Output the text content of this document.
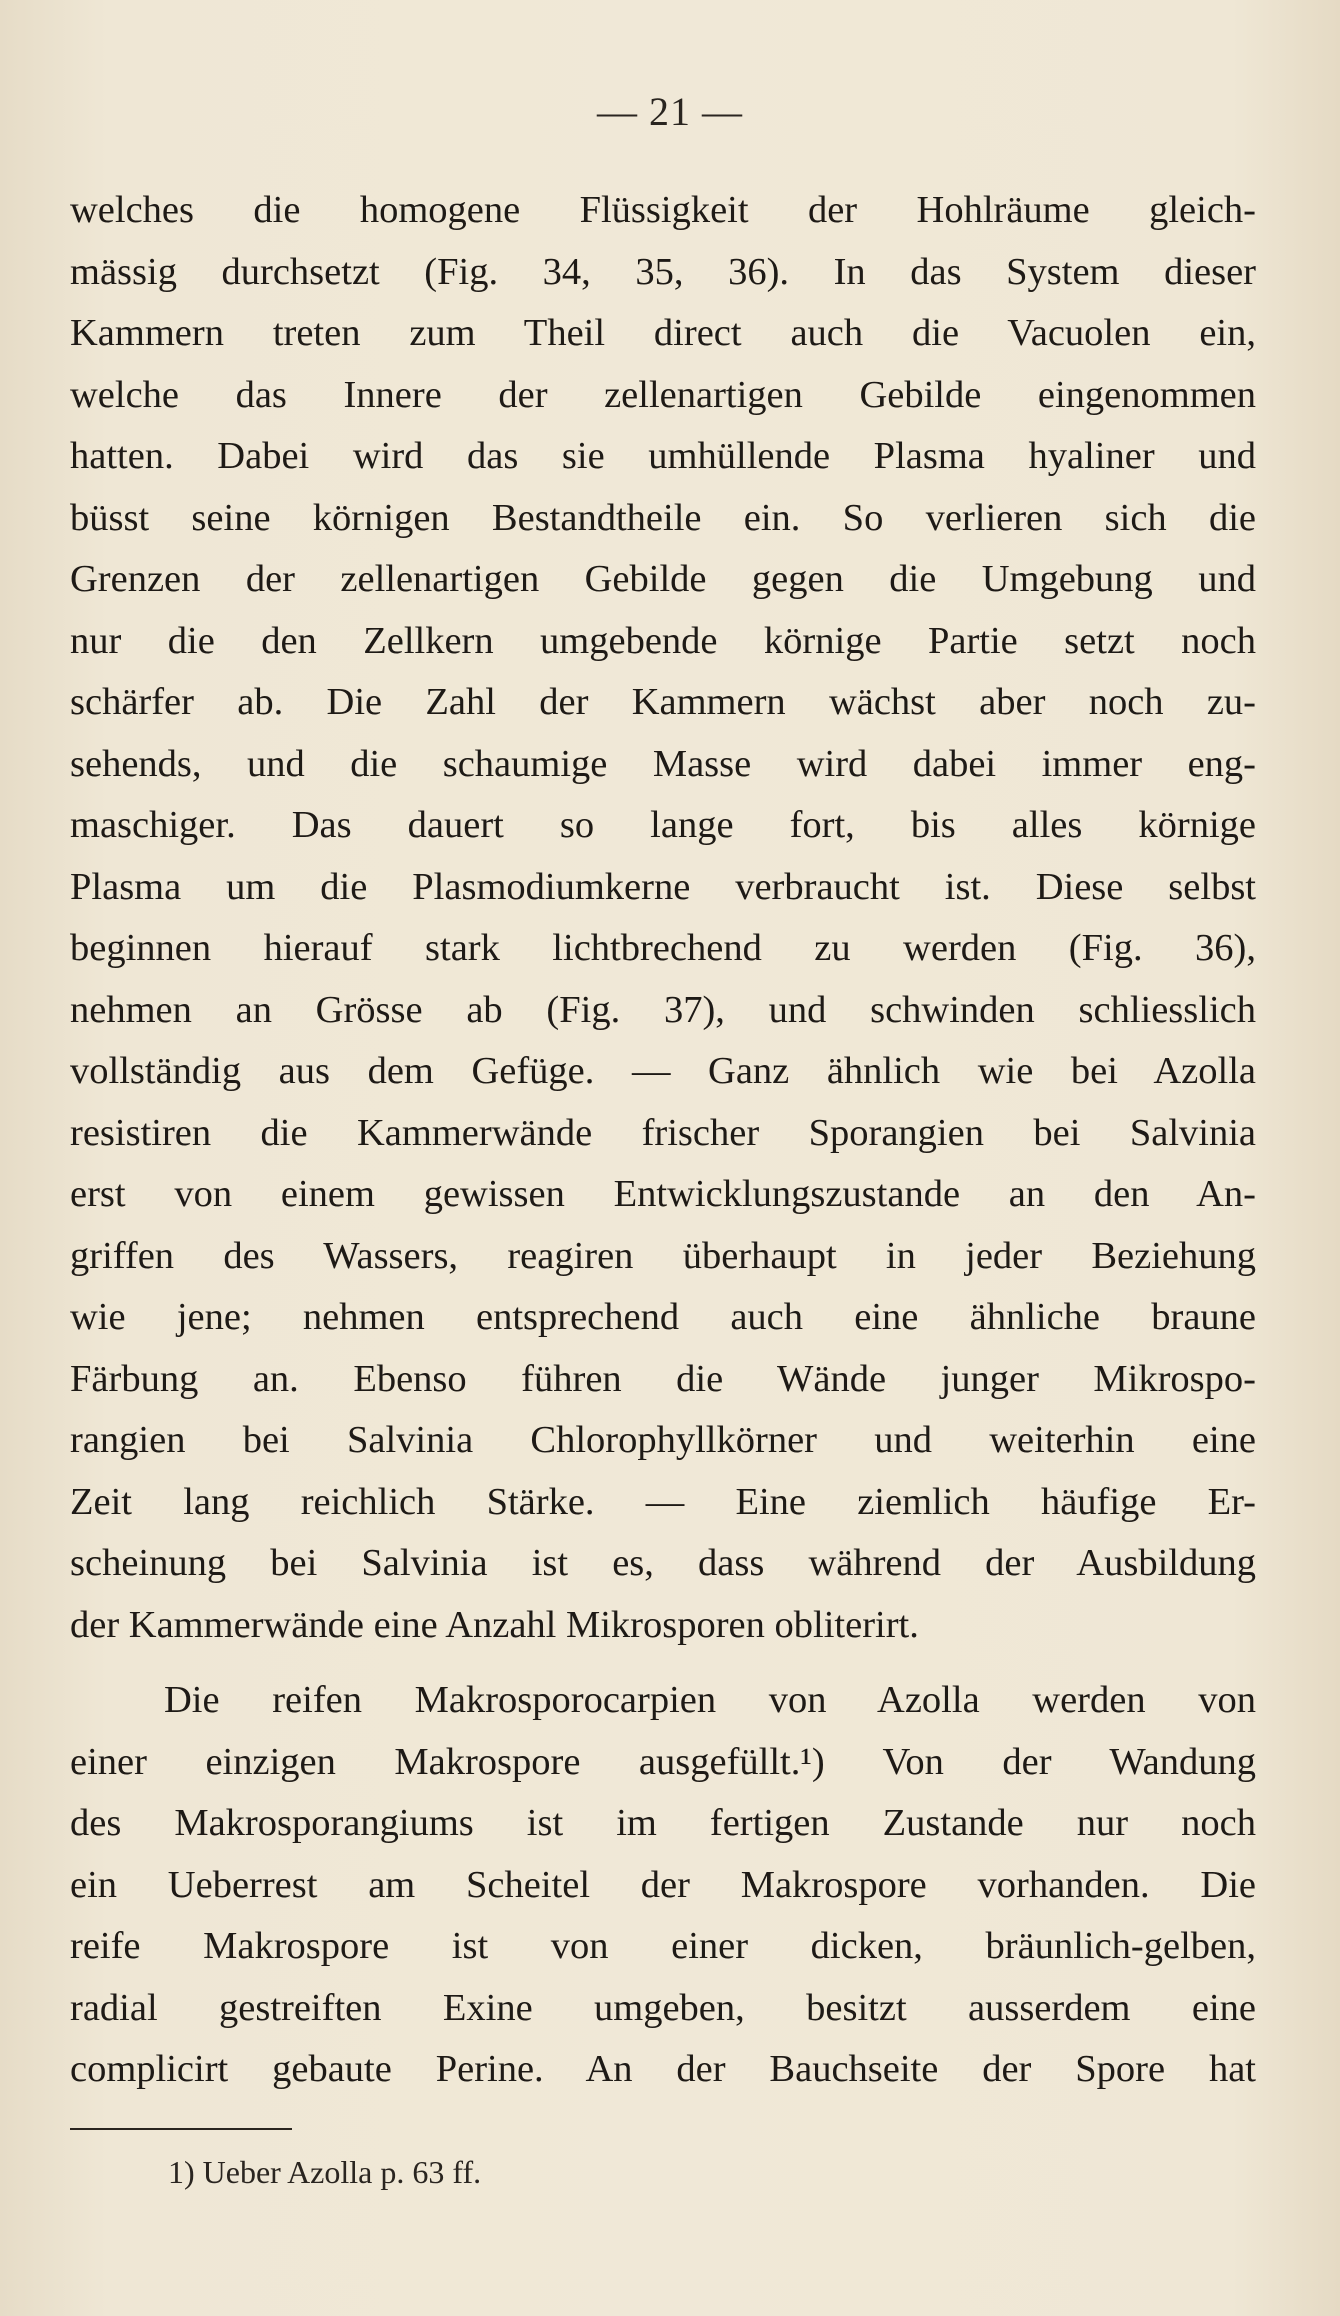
— 21 —
welches die homogene Flüssigkeit der Hohlräume gleich-
mässig durchsetzt (Fig. 34, 35, 36). In das System dieser
Kammern treten zum Theil direct auch die Vacuolen ein,
welche das Innere der zellenartigen Gebilde eingenommen
hatten. Dabei wird das sie umhüllende Plasma hyaliner und
büsst seine körnigen Bestandtheile ein. So verlieren sich die
Grenzen der zellenartigen Gebilde gegen die Umgebung und
nur die den Zellkern umgebende körnige Partie setzt noch
schärfer ab. Die Zahl der Kammern wächst aber noch zu-
sehends, und die schaumige Masse wird dabei immer eng-
maschiger. Das dauert so lange fort, bis alles körnige
Plasma um die Plasmodiumkerne verbraucht ist. Diese selbst
beginnen hierauf stark lichtbrechend zu werden (Fig. 36),
nehmen an Grösse ab (Fig. 37), und schwinden schliesslich
vollständig aus dem Gefüge. — Ganz ähnlich wie bei Azolla
resistiren die Kammerwände frischer Sporangien bei Salvinia
erst von einem gewissen Entwicklungszustande an den An-
griffen des Wassers, reagiren überhaupt in jeder Beziehung
wie jene; nehmen entsprechend auch eine ähnliche braune
Färbung an. Ebenso führen die Wände junger Mikrospo-
rangien bei Salvinia Chlorophyllkörner und weiterhin eine
Zeit lang reichlich Stärke. — Eine ziemlich häufige Er-
scheinung bei Salvinia ist es, dass während der Ausbildung
der Kammerwände eine Anzahl Mikrosporen obliterirt.
Die reifen Makrosporocarpien von Azolla werden von
einer einzigen Makrospore ausgefüllt.¹) Von der Wandung
des Makrosporangiums ist im fertigen Zustande nur noch
ein Ueberrest am Scheitel der Makrospore vorhanden. Die
reife Makrospore ist von einer dicken, bräunlich-gelben,
radial gestreiften Exine umgeben, besitzt ausserdem eine
complicirt gebaute Perine. An der Bauchseite der Spore hat
1) Ueber Azolla p. 63 ff.
